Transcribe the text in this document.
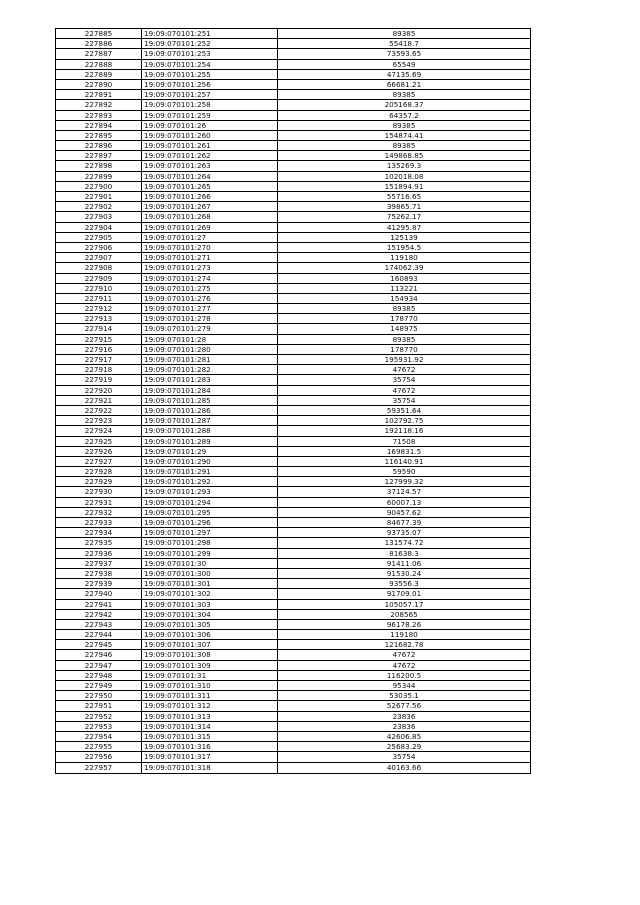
227885	19:09:070101:251	89385
227886	19:09:070101:252	55418.7
227887	19:09:070101:253	73593.65
227888	19:09:070101:254	65549
227889	19:09:070101:255	47135.69
227890	19:09:070101:256	66681.21
227891	19:09:070101:257	89385
227892	19:09:070101:258	205168.37
227893	19:09:070101:259	64357.2
227894	19:09:070101:26	89385
227895	19:09:070101:260	154874.41
227896	19:09:070101:261	89385
227897	19:09:070101:262	149868.85
227898	19:09:070101:263	135269.3
227899	19:09:070101:264	102018.08
227900	19:09:070101:265	151894.91
227901	19:09:070101:266	55716.65
227902	19:09:070101:267	39865.71
227903	19:09:070101:268	75262.17
227904	19:09:070101:269	41295.87
227905	19:09:070101:27	125139
227906	19:09:070101:270	151954.5
227907	19:09:070101:271	119180
227908	19:09:070101:273	174062.39
227909	19:09:070101:274	160893
227910	19:09:070101:275	113221
227911	19:09:070101:276	154934
227912	19:09:070101:277	89385
227913	19:09:070101:278	178770
227914	19:09:070101:279	148975
227915	19:09:070101:28	89385
227916	19:09:070101:280	178770
227917	19:09:070101:281	195931.92
227918	19:09:070101:282	47672
227919	19:09:070101:283	35754
227920	19:09:070101:284	47672
227921	19:09:070101:285	35754
227922	19:09:070101:286	59351.64
227923	19:09:070101:287	102792.75
227924	19:09:070101:288	192118.16
227925	19:09:070101:289	71508
227926	19:09:070101:29	169831.5
227927	19:09:070101:290	116140.91
227928	19:09:070101:291	59590
227929	19:09:070101:292	127999.32
227930	19:09:070101:293	37124.57
227931	19:09:070101:294	60007.13
227932	19:09:070101:295	90457.62
227933	19:09:070101:296	84677.39
227934	19:09:070101:297	93735.07
227935	19:09:070101:298	131574.72
227936	19:09:070101:299	81638.3
227937	19:09:070101:30	91411.06
227938	19:09:070101:300	91530.24
227939	19:09:070101:301	93556.3
227940	19:09:070101:302	91709.01
227941	19:09:070101:303	105057.17
227942	19:09:070101:304	208565
227943	19:09:070101:305	96178.26
227944	19:09:070101:306	119180
227945	19:09:070101:307	121682.78
227946	19:09:070101:308	47672
227947	19:09:070101:309	47672
227948	19:09:070101:31	116200.5
227949	19:09:070101:310	95344
227950	19:09:070101:311	53035.1
227951	19:09:070101:312	52677.56
227952	19:09:070101:313	23836
227953	19:09:070101:314	23836
227954	19:09:070101:315	42606.85
227955	19:09:070101:316	25683.29
227956	19:09:070101:317	35754
227957	19:09:070101:318	40163.66
